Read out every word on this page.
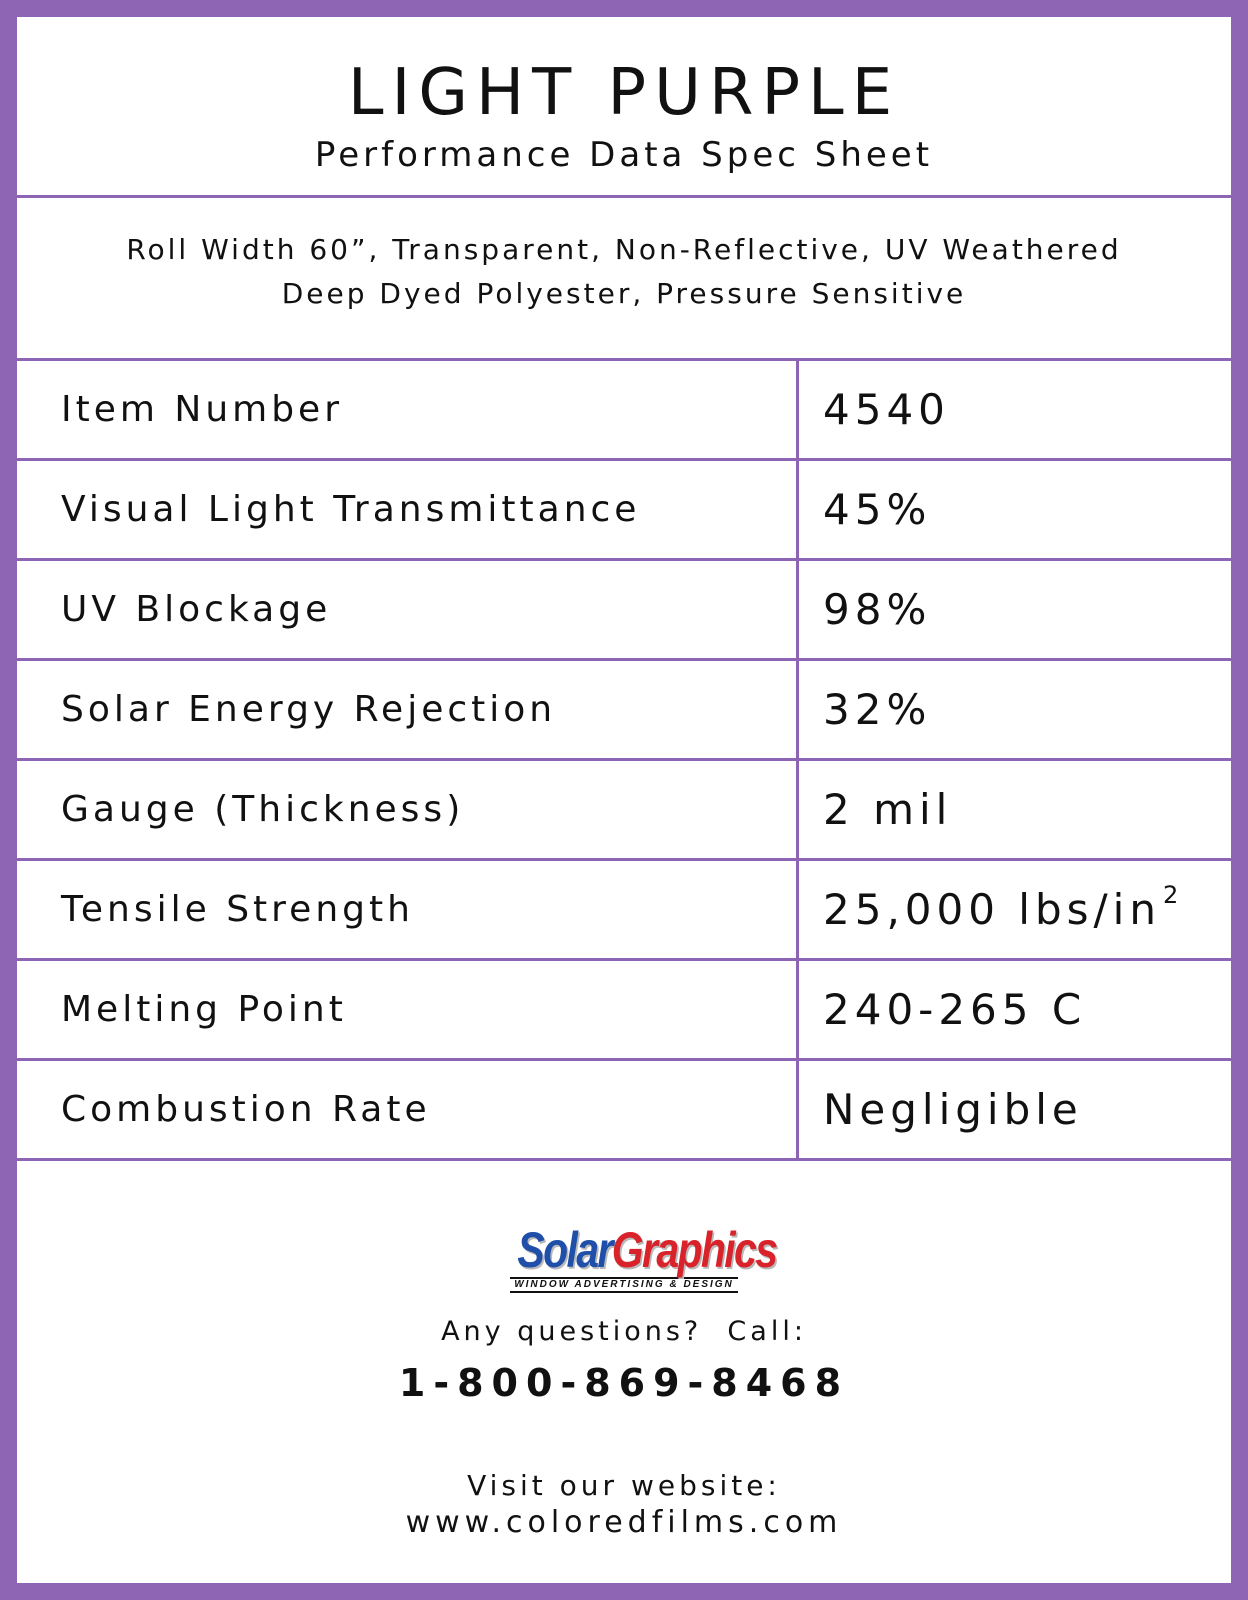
LIGHT PURPLE
Performance Data Spec Sheet
Roll Width 60”, Transparent, Non-Reflective, UV Weathered
Deep Dyed Polyester, Pressure Sensitive
Item Number	4540
Visual Light Transmittance	45%
UV Blockage	98%
Solar Energy Rejection	32%
Gauge (Thickness)	2 mil
Tensile Strength	25,000 lbs/$in^2$
Melting Point	240-265 C
Combustion Rate	Negligible
SolarGraphics
WINDOW ADVERTISING & DESIGN
Any questions?  Call:
1-800-869-8468
Visit our website:
www.coloredfilms.com
